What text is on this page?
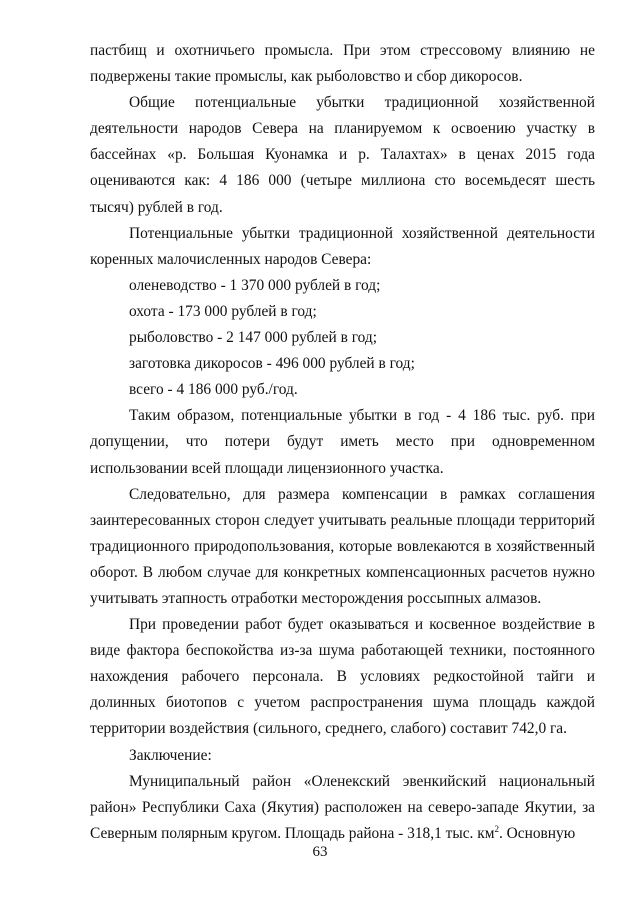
пастбищ и охотничьего промысла. При этом стрессовому влиянию не подвержены такие промыслы, как рыболовство и сбор дикоросов.

Общие потенциальные убытки традиционной хозяйственной деятельности народов Севера на планируемом к освоению участку в бассейнах «р. Большая Куонамка и р. Талахтах» в ценах 2015 года оцениваются как: 4 186 000 (четыре миллиона сто восемьдесят шесть тысяч) рублей в год.

Потенциальные убытки традиционной хозяйственной деятельности коренных малочисленных народов Севера:

оленеводство - 1 370 000 рублей в год;

охота - 173 000 рублей в год;

рыболовство - 2 147 000 рублей в год;

заготовка дикоросов - 496 000 рублей в год;

всего - 4 186 000 руб./год.

Таким образом, потенциальные убытки в год - 4 186 тыс. руб. при допущении, что потери будут иметь место при одновременном использовании всей площади лицензионного участка.

Следовательно, для размера компенсации в рамках соглашения заинтересованных сторон следует учитывать реальные площади территорий традиционного природопользования, которые вовлекаются в хозяйственный оборот. В любом случае для конкретных компенсационных расчетов нужно учитывать этапность отработки месторождения россыпных алмазов.

При проведении работ будет оказываться и косвенное воздействие в виде фактора беспокойства из-за шума работающей техники, постоянного нахождения рабочего персонала. В условиях редкостойной тайги и долинных биотопов с учетом распространения шума площадь каждой территории воздействия (сильного, среднего, слабого) составит 742,0 га.

Заключение:

Муниципальный район «Оленекский эвенкийский национальный район» Республики Саха (Якутия) расположен на северо-западе Якутии, за Северным полярным кругом. Площадь района - 318,1 тыс. $км^2$. Основную

63
